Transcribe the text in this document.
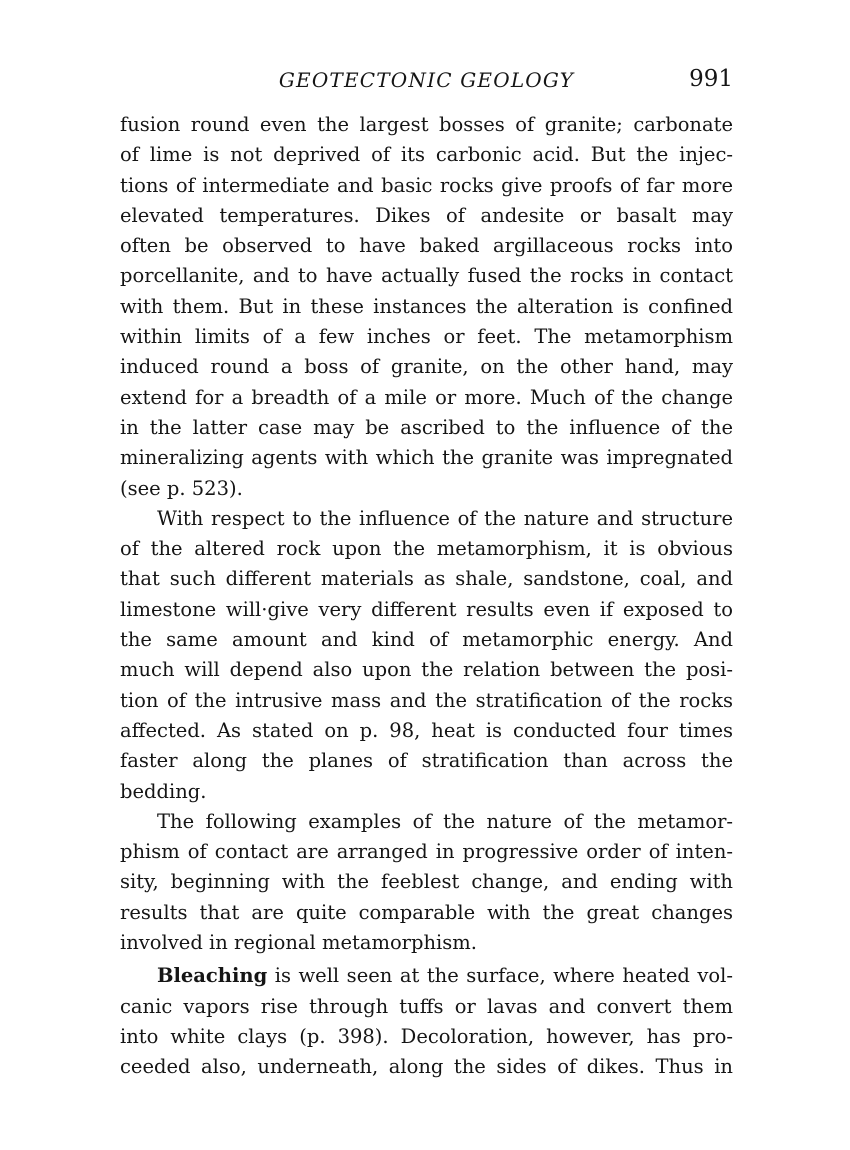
GEOTECTONIC GEOLOGY	991
fusion round even the largest bosses of granite; carbonate
of lime is not deprived of its carbonic acid. But the injec-
tions of intermediate and basic rocks give proofs of far more
elevated temperatures. Dikes of andesite or basalt may
often be observed to have baked argillaceous rocks into
porcellanite, and to have actually fused the rocks in contact
with them. But in these instances the alteration is confined
within limits of a few inches or feet. The metamorphism
induced round a boss of granite, on the other hand, may
extend for a breadth of a mile or more. Much of the change
in the latter case may be ascribed to the influence of the
mineralizing agents with which the granite was impregnated
(see p. 523).
With respect to the influence of the nature and structure
of the altered rock upon the metamorphism, it is obvious
that such different materials as shale, sandstone, coal, and
limestone will·give very different results even if exposed to
the same amount and kind of metamorphic energy. And
much will depend also upon the relation between the posi-
tion of the intrusive mass and the stratification of the rocks
affected. As stated on p. 98, heat is conducted four times
faster along the planes of stratification than across the
bedding.
The following examples of the nature of the metamor-
phism of contact are arranged in progressive order of inten-
sity, beginning with the feeblest change, and ending with
results that are quite comparable with the great changes
involved in regional metamorphism.
Bleaching is well seen at the surface, where heated vol-
canic vapors rise through tuffs or lavas and convert them
into white clays (p. 398). Decoloration, however, has pro-
ceeded also, underneath, along the sides of dikes. Thus in
